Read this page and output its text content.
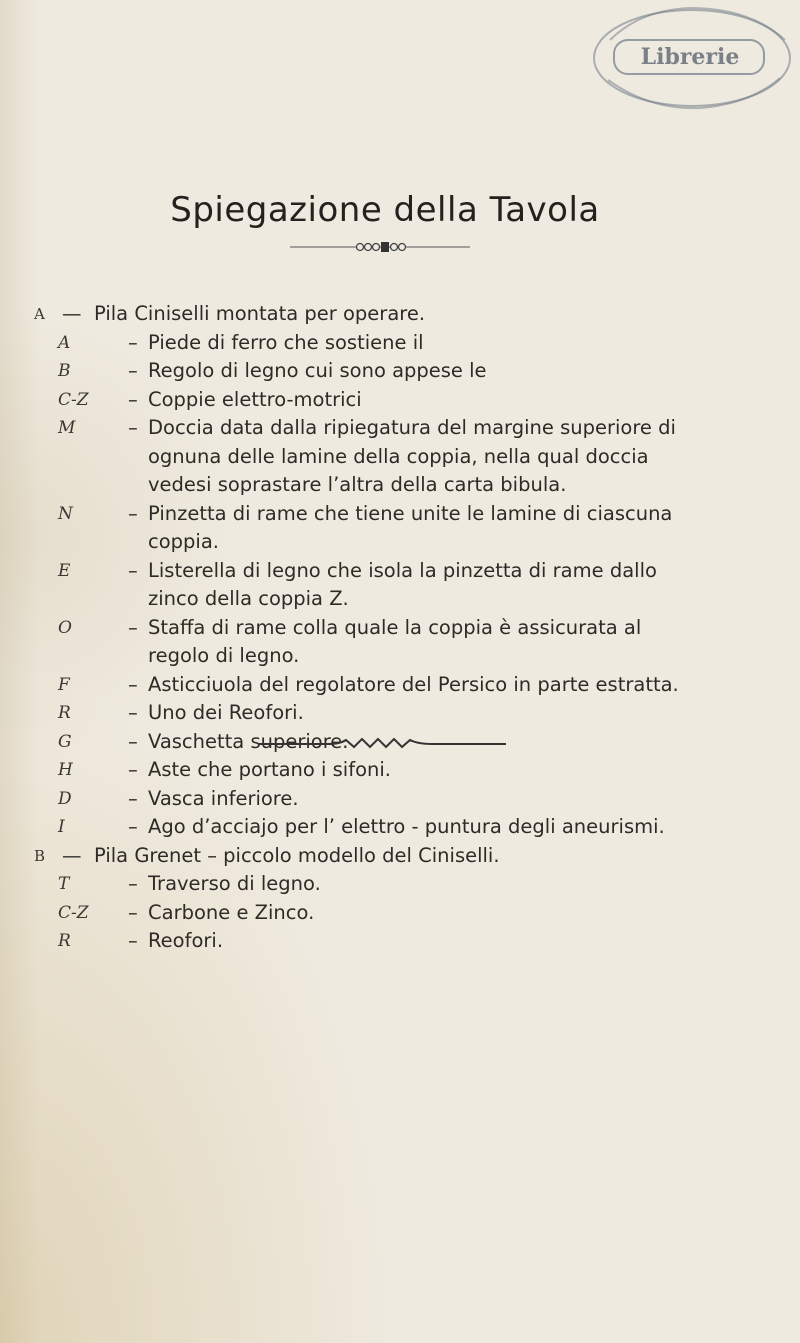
Librerie
Spiegazione della Tavola
A — Pila Ciniselli montata per operare.
A	– Piede di ferro che sostiene il
B	– Regolo di legno cui sono appese le
C-Z	– Coppie elettro-motrici
M	– Doccia data dalla ripiegatura del margine superiore di ognuna delle lamine della coppia, nella qual doccia vedesi soprastare l’altra della carta bibula.
N	– Pinzetta di rame che tiene unite le lamine di ciascuna coppia.
E	– Listerella di legno che isola la pinzetta di rame dallo zinco della coppia Z.
O	– Staffa di rame colla quale la coppia è assicurata al regolo di legno.
F	– Asticciuola del regolatore del Persico in parte estratta.
R	– Uno dei Reofori.
G	– Vaschetta superiore.
H	– Aste che portano i sifoni.
D	– Vasca inferiore.
I	– Ago d’acciajo per l’ elettro - puntura degli aneurismi.
B — Pila Grenet – piccolo modello del Ciniselli.
T	– Traverso di legno.
C-Z	– Carbone e Zinco.
R	– Reofori.
